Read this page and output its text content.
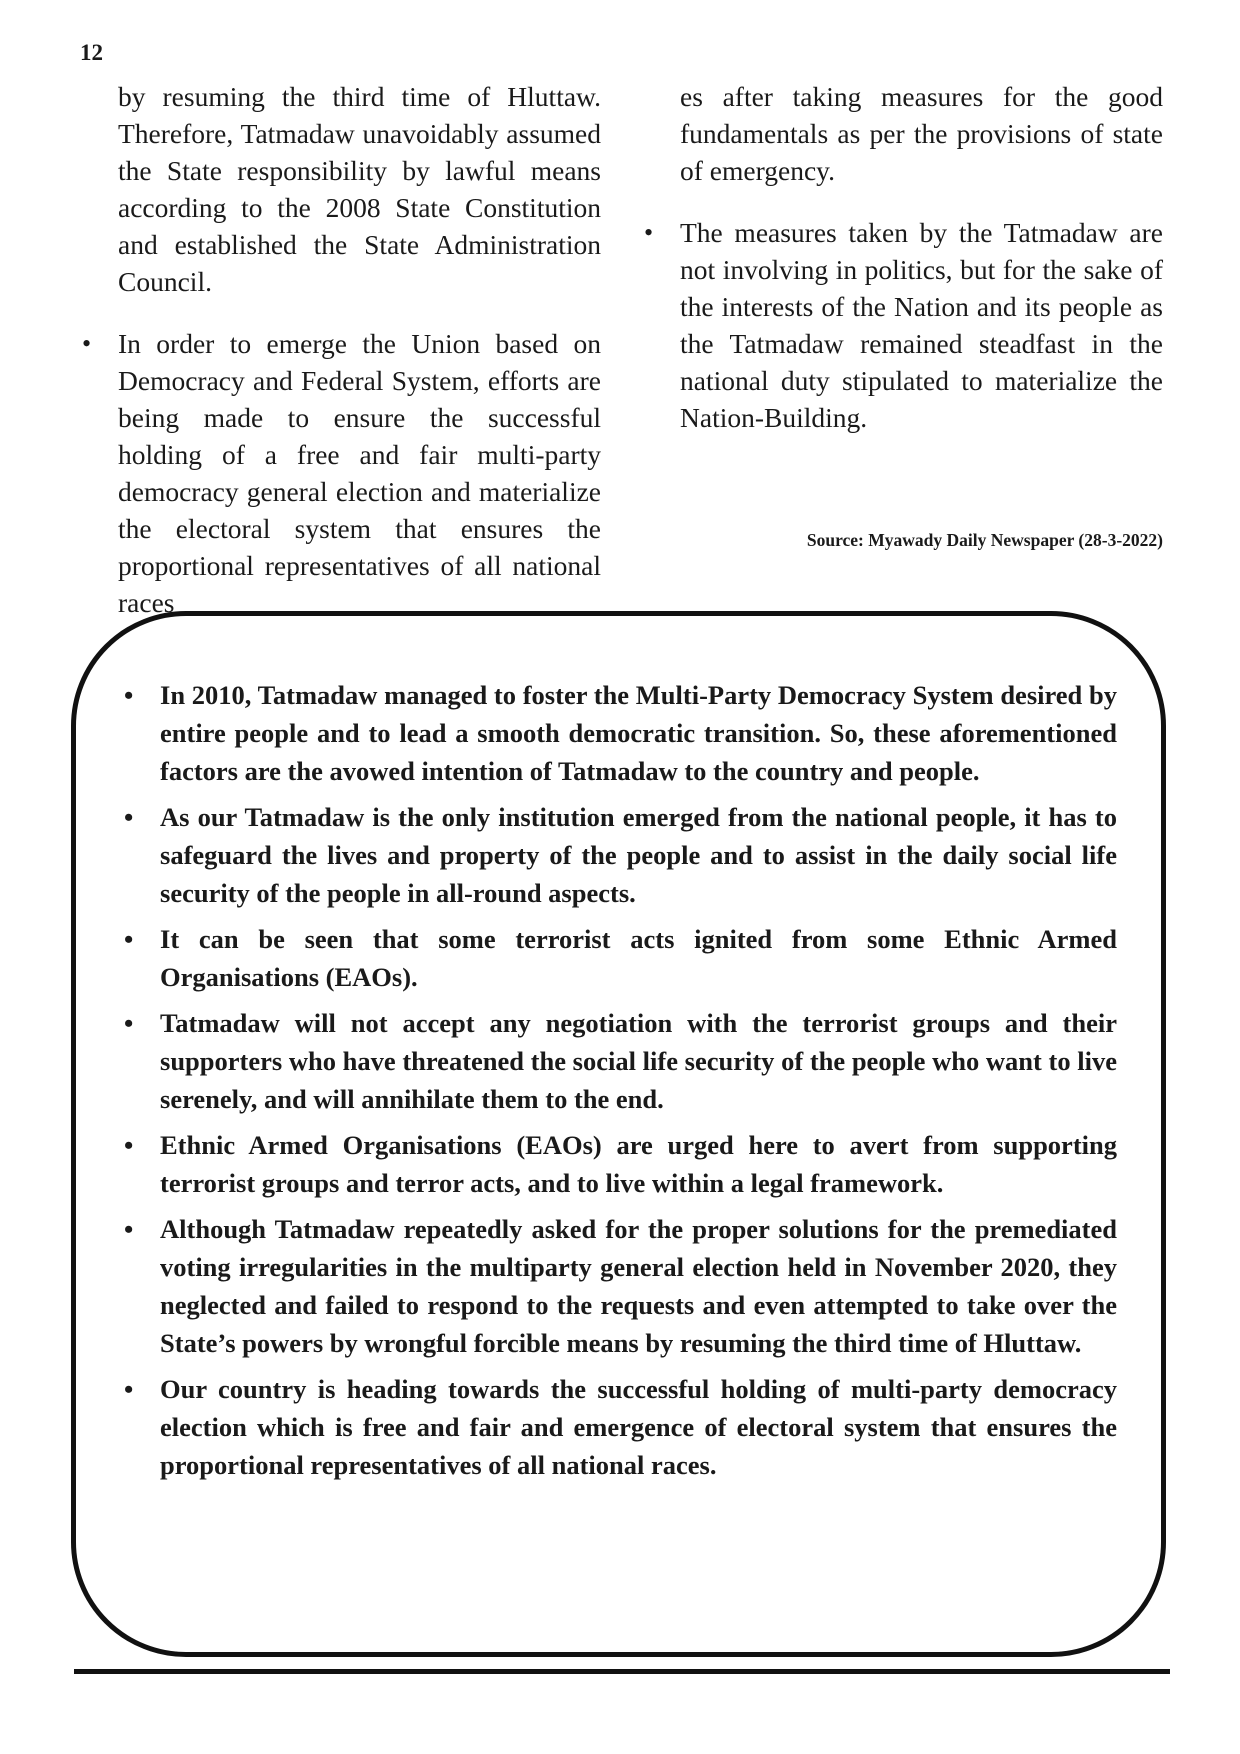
12

by resuming the third time of Hluttaw. Therefore, Tatmadaw unavoidably assumed the State responsibility by lawful means according to the 2008 State Constitution and established the State Administration Council.

• In order to emerge the Union based on Democracy and Federal System, efforts are being made to ensure the successful holding of a free and fair multi-party democracy general election and materialize the electoral system that ensures the proportional representatives of all national races

es after taking measures for the good fundamentals as per the provisions of state of emergency.

• The measures taken by the Tatmadaw are not involving in politics, but for the sake of the interests of the Nation and its people as the Tatmadaw remained steadfast in the national duty stipulated to materialize the Nation-Building.

Source: Myawady Daily Newspaper (28-3-2022)
• In 2010, Tatmadaw managed to foster the Multi-Party Democracy System desired by entire people and to lead a smooth democratic transition. So, these aforementioned factors are the avowed intention of Tatmadaw to the country and people.
• As our Tatmadaw is the only institution emerged from the national people, it has to safeguard the lives and property of the people and to assist in the daily social life security of the people in all-round aspects.
• It can be seen that some terrorist acts ignited from some Ethnic Armed Organisations (EAOs).
• Tatmadaw will not accept any negotiation with the terrorist groups and their supporters who have threatened the social life security of the people who want to live serenely, and will annihilate them to the end.
• Ethnic Armed Organisations (EAOs) are urged here to avert from supporting terrorist groups and terror acts, and to live within a legal framework.
• Although Tatmadaw repeatedly asked for the proper solutions for the premediated voting irregularities in the multiparty general election held in November 2020, they neglected and failed to respond to the requests and even attempted to take over the State’s powers by wrongful forcible means by resuming the third time of Hluttaw.
• Our country is heading towards the successful holding of multi-party democracy election which is free and fair and emergence of electoral system that ensures the proportional representatives of all national races.
